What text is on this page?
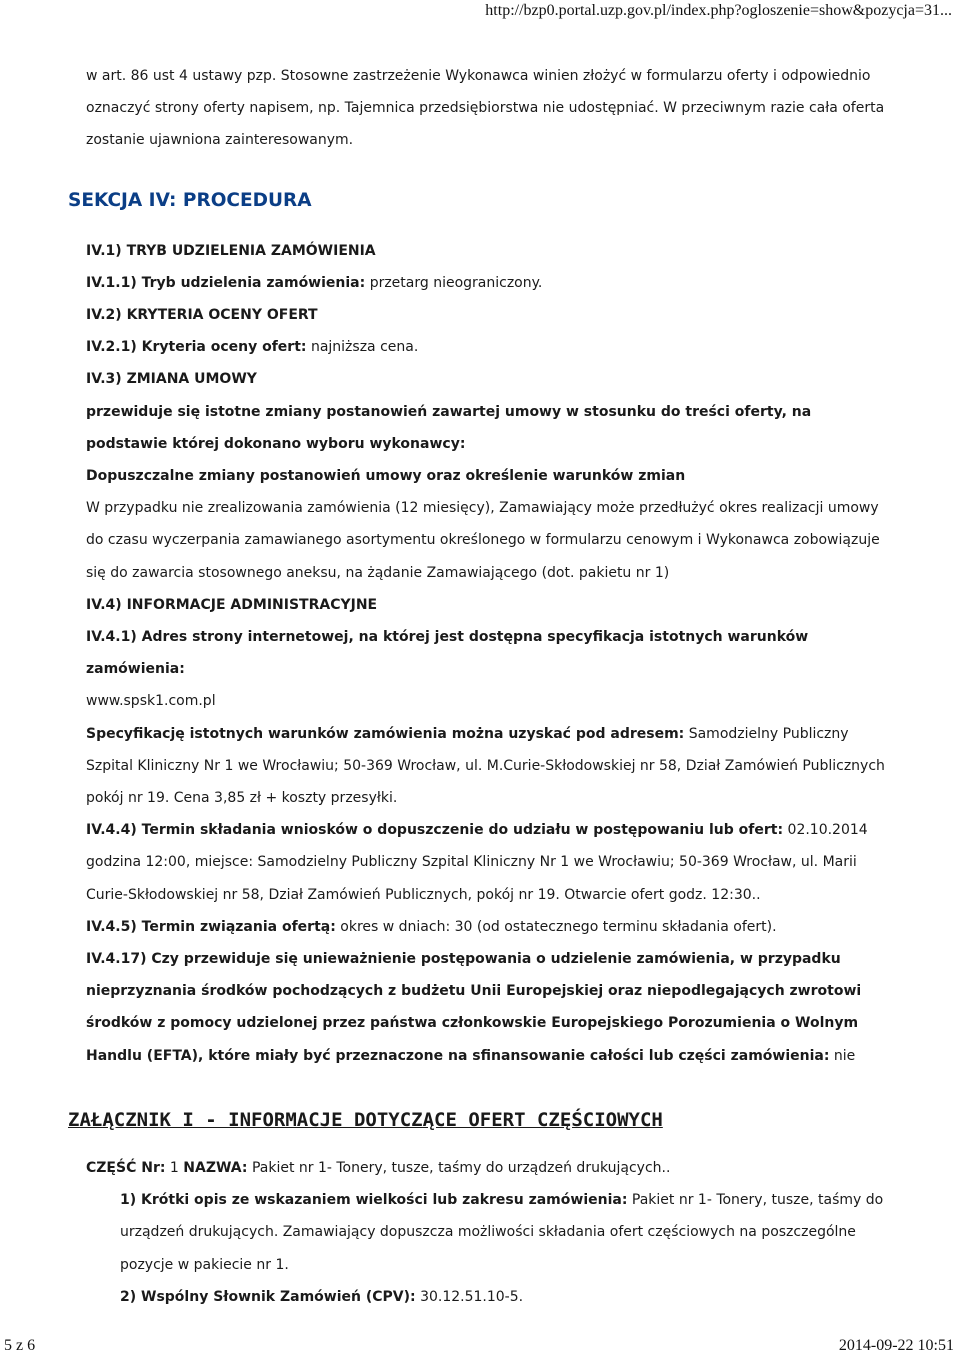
http://bzp0.portal.uzp.gov.pl/index.php?ogloszenie=show&pozycja=31...

w art. 86 ust 4 ustawy pzp. Stosowne zastrzeżenie Wykonawca winien złożyć w formularzu oferty i odpowiednio oznaczyć strony oferty napisem, np. Tajemnica przedsiębiorstwa nie udostępniać. W przeciwnym razie cała oferta zostanie ujawniona zainteresowanym.

SEKCJA IV: PROCEDURA

IV.1) TRYB UDZIELENIA ZAMÓWIENIA

IV.1.1) Tryb udzielenia zamówienia: przetarg nieograniczony.

IV.2) KRYTERIA OCENY OFERT

IV.2.1) Kryteria oceny ofert: najniższa cena.

IV.3) ZMIANA UMOWY

przewiduje się istotne zmiany postanowień zawartej umowy w stosunku do treści oferty, na podstawie której dokonano wyboru wykonawcy:

Dopuszczalne zmiany postanowień umowy oraz określenie warunków zmian

W przypadku nie zrealizowania zamówienia (12 miesięcy), Zamawiający może przedłużyć okres realizacji umowy do czasu wyczerpania zamawianego asortymentu określonego w formularzu cenowym i Wykonawca zobowiązuje się do zawarcia stosownego aneksu, na żądanie Zamawiającego (dot. pakietu nr 1)

IV.4) INFORMACJE ADMINISTRACYJNE

IV.4.1) Adres strony internetowej, na której jest dostępna specyfikacja istotnych warunków zamówienia:

www.spsk1.com.pl

Specyfikację istotnych warunków zamówienia można uzyskać pod adresem: Samodzielny Publiczny Szpital Kliniczny Nr 1 we Wrocławiu; 50-369 Wrocław, ul. M.Curie-Skłodowskiej nr 58, Dział Zamówień Publicznych pokój nr 19. Cena 3,85 zł + koszty przesyłki.

IV.4.4) Termin składania wniosków o dopuszczenie do udziału w postępowaniu lub ofert: 02.10.2014 godzina 12:00, miejsce: Samodzielny Publiczny Szpital Kliniczny Nr 1 we Wrocławiu; 50-369 Wrocław, ul. Marii Curie-Skłodowskiej nr 58, Dział Zamówień Publicznych, pokój nr 19. Otwarcie ofert godz. 12:30..

IV.4.5) Termin związania ofertą: okres w dniach: 30 (od ostatecznego terminu składania ofert).

IV.4.17) Czy przewiduje się unieważnienie postępowania o udzielenie zamówienia, w przypadku nieprzyznania środków pochodzących z budżetu Unii Europejskiej oraz niepodlegających zwrotowi środków z pomocy udzielonej przez państwa członkowskie Europejskiego Porozumienia o Wolnym Handlu (EFTA), które miały być przeznaczone na sfinansowanie całości lub części zamówienia: nie

ZAŁĄCZNIK I - INFORMACJE DOTYCZĄCE OFERT CZĘŚCIOWYCH

CZĘŚĆ Nr: 1 NAZWA: Pakiet nr 1- Tonery, tusze, taśmy do urządzeń drukujących..

1) Krótki opis ze wskazaniem wielkości lub zakresu zamówienia: Pakiet nr 1- Tonery, tusze, taśmy do urządzeń drukujących. Zamawiający dopuszcza możliwości składania ofert częściowych na poszczególne pozycje w pakiecie nr 1.

2) Wspólny Słownik Zamówień (CPV): 30.12.51.10-5.

5 z 6	2014-09-22 10:51
